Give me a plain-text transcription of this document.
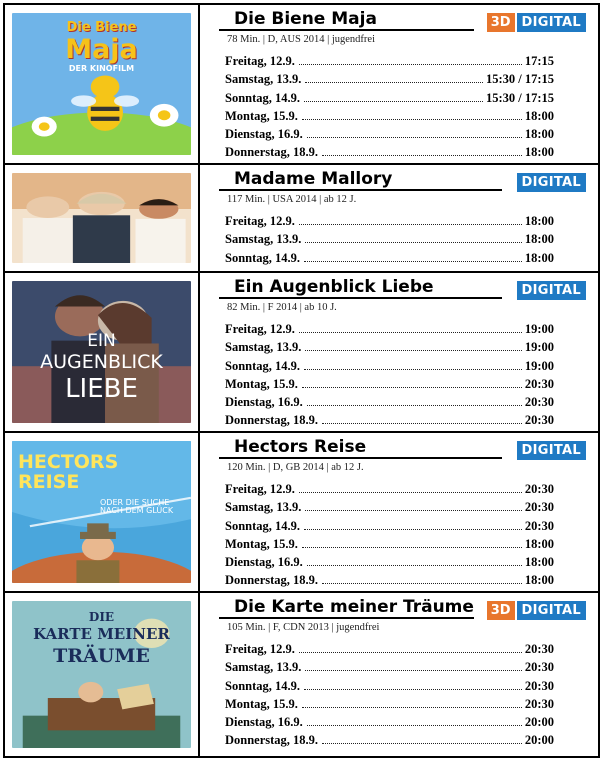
Die Biene
Maja
DER KINOFILM
Die Biene Maja	3D DIGITAL
78 Min. | D, AUS 2014 | jugendfrei
Freitag, 12.9.	17:15
Samstag, 13.9.	15:30 / 17:15
Sonntag, 14.9.	15:30 / 17:15
Montag, 15.9.	18:00
Dienstag, 16.9.	18:00
Donnerstag, 18.9.	18:00
Madame Mallory	DIGITAL
117 Min. | USA 2014 | ab 12 J.
Freitag, 12.9.	18:00
Samstag, 13.9.	18:00
Sonntag, 14.9.	18:00
EIN
AUGENBLICK
LIEBE
Ein Augenblick Liebe	DIGITAL
82 Min. | F 2014 | ab 10 J.
Freitag, 12.9.	19:00
Samstag, 13.9.	19:00
Sonntag, 14.9.	19:00
Montag, 15.9.	20:30
Dienstag, 16.9.	20:30
Donnerstag, 18.9.	20:30
HECTORS
REISE
ODER DIE SUCHE NACH DEM GLÜCK
Hectors Reise	DIGITAL
120 Min. | D, GB 2014 | ab 12 J.
Freitag, 12.9.	20:30
Samstag, 13.9.	20:30
Sonntag, 14.9.	20:30
Montag, 15.9.	18:00
Dienstag, 16.9.	18:00
Donnerstag, 18.9.	18:00
DIE
KARTE MEINER
TRÄUME
Die Karte meiner Träume	3D DIGITAL
105 Min. | F, CDN 2013 | jugendfrei
Freitag, 12.9.	20:30
Samstag, 13.9.	20:30
Sonntag, 14.9.	20:30
Montag, 15.9.	20:30
Dienstag, 16.9.	20:00
Donnerstag, 18.9.	20:00
